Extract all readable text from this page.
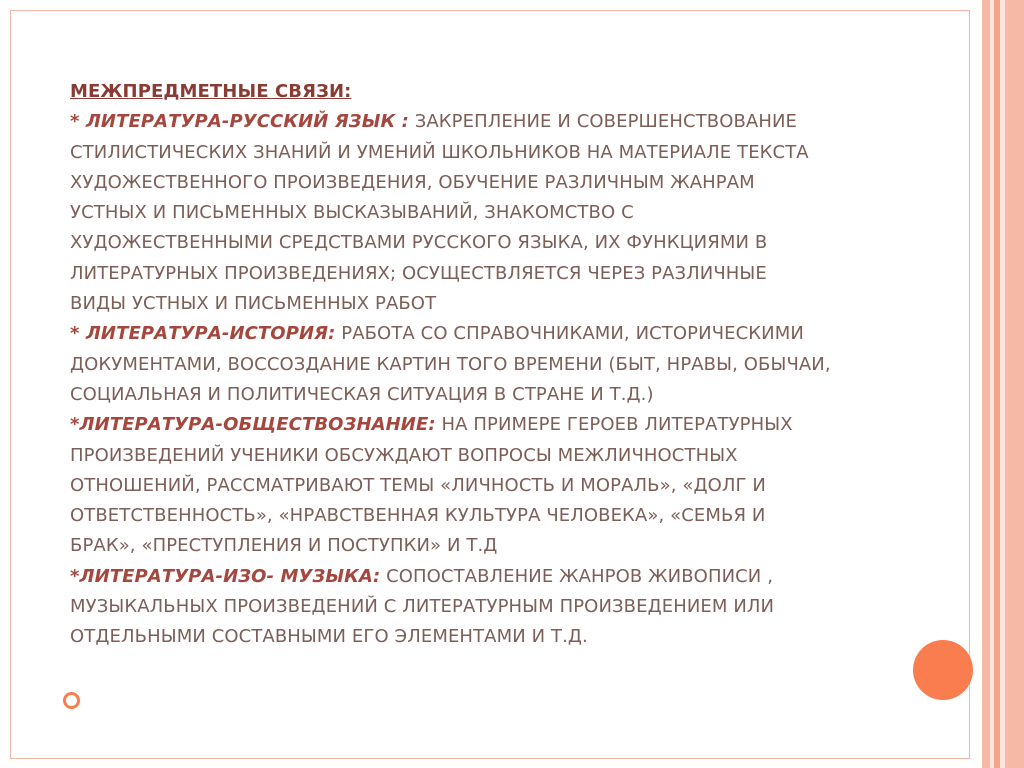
МЕЖПРЕДМЕТНЫЕ СВЯЗИ:

* ЛИТЕРАТУРА-РУССКИЙ ЯЗЫК : ЗАКРЕПЛЕНИЕ И СОВЕРШЕНСТВОВАНИЕ

СТИЛИСТИЧЕСКИХ ЗНАНИЙ И УМЕНИЙ ШКОЛЬНИКОВ НА МАТЕРИАЛЕ ТЕКСТА

ХУДОЖЕСТВЕННОГО ПРОИЗВЕДЕНИЯ, ОБУЧЕНИЕ РАЗЛИЧНЫМ ЖАНРАМ

УСТНЫХ И ПИСЬМЕННЫХ ВЫСКАЗЫВАНИЙ, ЗНАКОМСТВО С

ХУДОЖЕСТВЕННЫМИ СРЕДСТВАМИ РУССКОГО ЯЗЫКА, ИХ ФУНКЦИЯМИ В

ЛИТЕРАТУРНЫХ ПРОИЗВЕДЕНИЯХ; ОСУЩЕСТВЛЯЕТСЯ ЧЕРЕЗ РАЗЛИЧНЫЕ

ВИДЫ УСТНЫХ И ПИСЬМЕННЫХ РАБОТ

* ЛИТЕРАТУРА-ИСТОРИЯ: РАБОТА СО СПРАВОЧНИКАМИ, ИСТОРИЧЕСКИМИ

ДОКУМЕНТАМИ, ВОССОЗДАНИЕ КАРТИН ТОГО ВРЕМЕНИ (БЫТ, НРАВЫ, ОБЫЧАИ,

СОЦИАЛЬНАЯ И ПОЛИТИЧЕСКАЯ СИТУАЦИЯ В СТРАНЕ И Т.Д.)

*ЛИТЕРАТУРА-ОБЩЕСТВОЗНАНИЕ: НА ПРИМЕРЕ ГЕРОЕВ ЛИТЕРАТУРНЫХ

ПРОИЗВЕДЕНИЙ УЧЕНИКИ ОБСУЖДАЮТ ВОПРОСЫ МЕЖЛИЧНОСТНЫХ

ОТНОШЕНИЙ, РАССМАТРИВАЮТ ТЕМЫ «ЛИЧНОСТЬ И МОРАЛЬ», «ДОЛГ И

ОТВЕТСТВЕННОСТЬ», «НРАВСТВЕННАЯ КУЛЬТУРА ЧЕЛОВЕКА», «СЕМЬЯ И

БРАК», «ПРЕСТУПЛЕНИЯ И ПОСТУПКИ» И Т.Д

*ЛИТЕРАТУРА-ИЗО- МУЗЫКА: СОПОСТАВЛЕНИЕ ЖАНРОВ ЖИВОПИСИ ,

МУЗЫКАЛЬНЫХ ПРОИЗВЕДЕНИЙ С ЛИТЕРАТУРНЫМ ПРОИЗВЕДЕНИЕМ ИЛИ

ОТДЕЛЬНЫМИ СОСТАВНЫМИ ЕГО ЭЛЕМЕНТАМИ И Т.Д.
